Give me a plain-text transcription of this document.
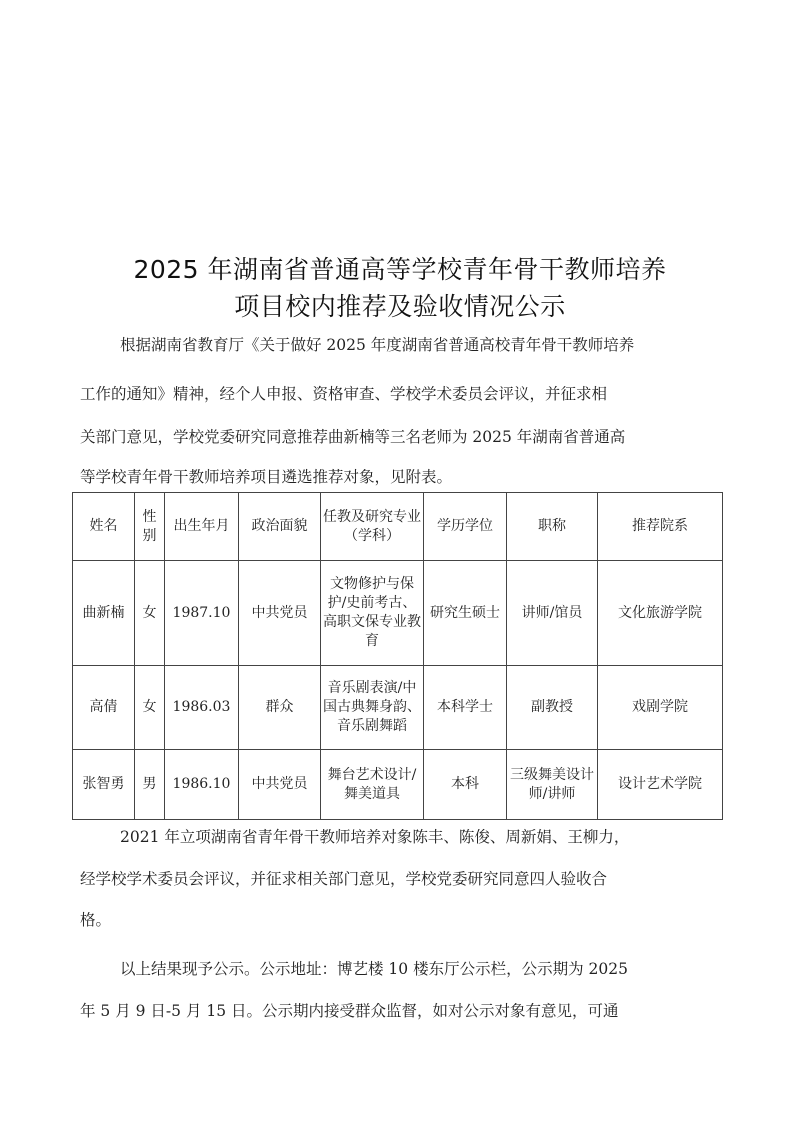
2025 年湖南省普通高等学校青年骨干教师培养
项目校内推荐及验收情况公示
根据湖南省教育厅《关于做好 2025 年度湖南省普通高校青年骨干教师培养
工作的通知》精神，经个人申报、资格审查、学校学术委员会评议，并征求相
关部门意见，学校党委研究同意推荐曲新楠等三名老师为 2025 年湖南省普通高
等学校青年骨干教师培养项目遴选推荐对象，见附表。
姓名	性别	出生年月	政治面貌	任教及研究专业（学科）	学历学位	职称	推荐院系
曲新楠	女	1987.10	中共党员	文物修护与保护/史前考古、高职文保专业教育	研究生硕士	讲师/馆员	文化旅游学院
高倩	女	1986.03	群众	音乐剧表演/中国古典舞身韵、音乐剧舞蹈	本科学士	副教授	戏剧学院
张智勇	男	1986.10	中共党员	舞台艺术设计/舞美道具	本科	三级舞美设计师/讲师	设计艺术学院
2021 年立项湖南省青年骨干教师培养对象陈丰、陈俊、周新娟、王柳力，
经学校学术委员会评议，并征求相关部门意见，学校党委研究同意四人验收合
格。
以上结果现予公示。公示地址：博艺楼 10 楼东厅公示栏，公示期为 2025
年 5 月 9 日-5 月 15 日。公示期内接受群众监督，如对公示对象有意见，可通
